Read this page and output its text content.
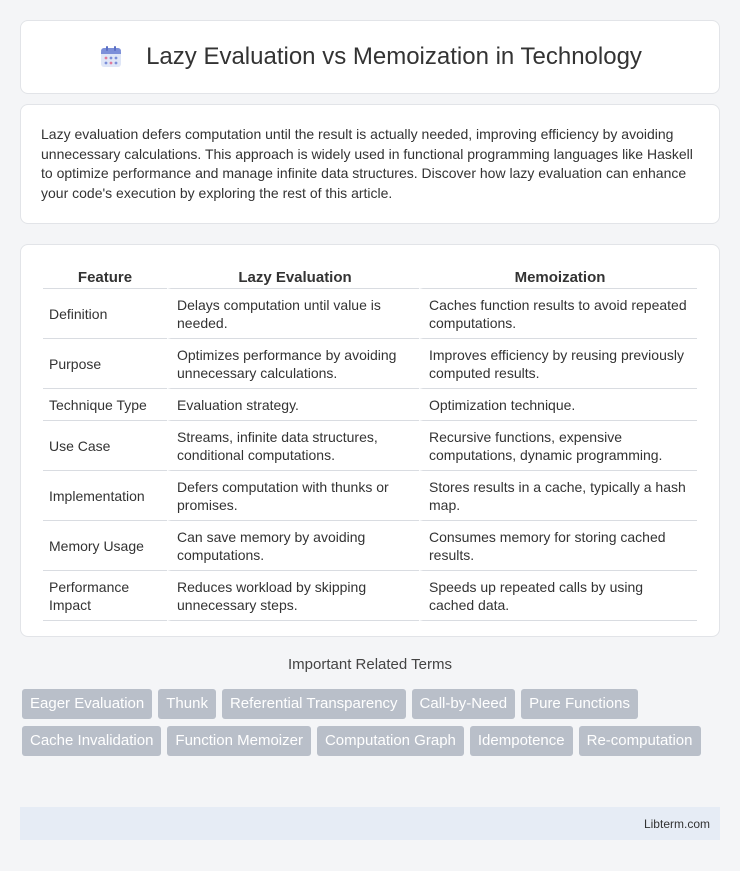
Lazy Evaluation vs Memoization in Technology

Lazy evaluation defers computation until the result is actually needed, improving efficiency by avoiding unnecessary calculations. This approach is widely used in functional programming languages like Haskell to optimize performance and manage infinite data structures. Discover how lazy evaluation can enhance your code's execution by exploring the rest of this article.

Feature	Lazy Evaluation	Memoization
Definition	Delays computation until value is needed.	Caches function results to avoid repeated computations.
Purpose	Optimizes performance by avoiding unnecessary calculations.	Improves efficiency by reusing previously computed results.
Technique Type	Evaluation strategy.	Optimization technique.
Use Case	Streams, infinite data structures, conditional computations.	Recursive functions, expensive computations, dynamic programming.
Implementation	Defers computation with thunks or promises.	Stores results in a cache, typically a hash map.
Memory Usage	Can save memory by avoiding computations.	Consumes memory for storing cached results.
Performance Impact	Reduces workload by skipping unnecessary steps.	Speeds up repeated calls by using cached data.
Important Related Terms
Eager Evaluation	Thunk	Referential Transparency	Call-by-Need	Pure Functions
Cache Invalidation	Function Memoizer	Computation Graph	Idempotence	Re-computation
Libterm.com
